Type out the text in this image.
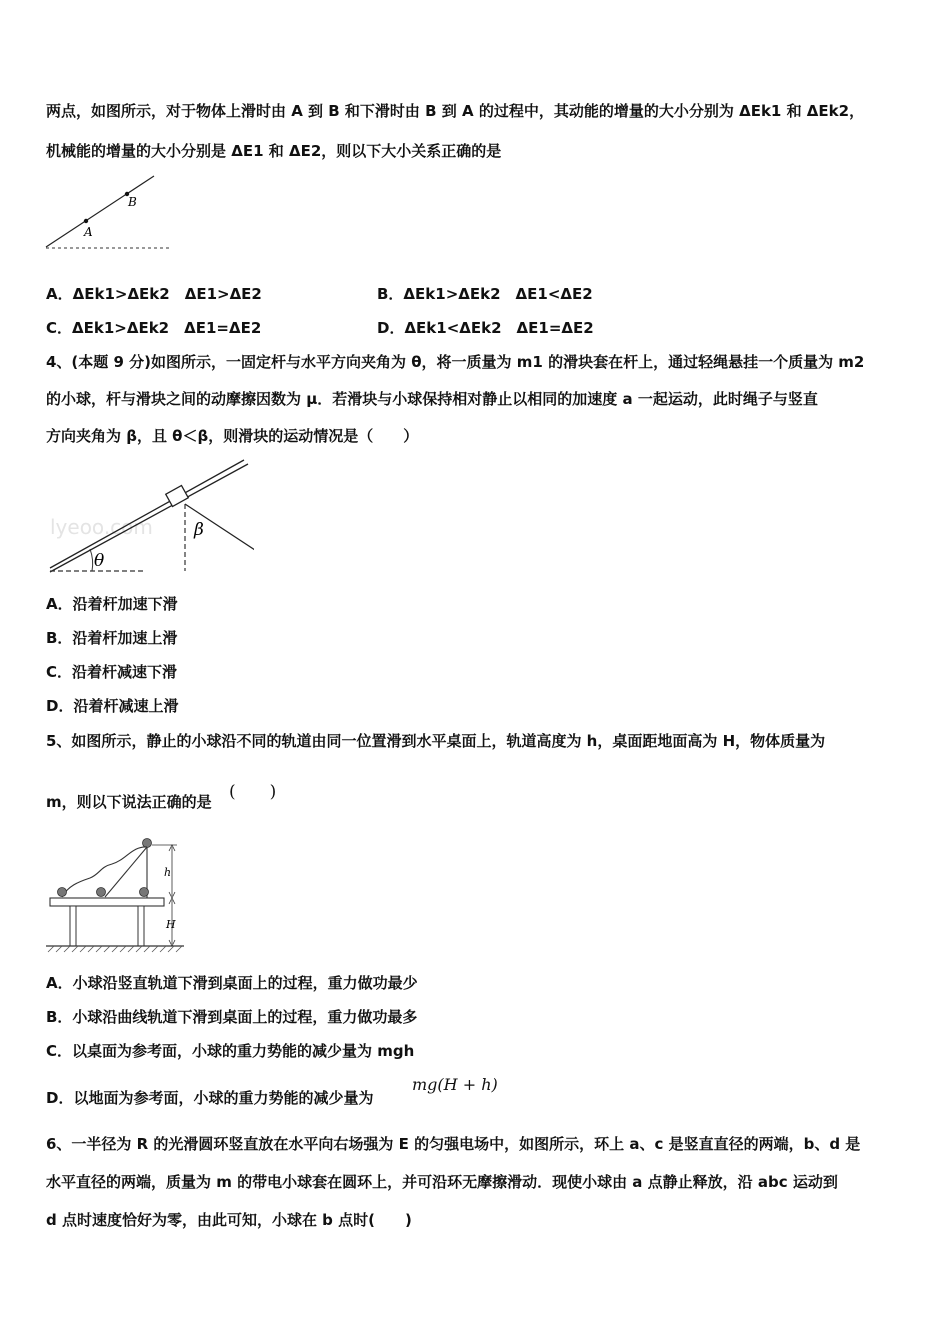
两点，如图所示，对于物体上滑时由 A 到 B 和下滑时由 B 到 A 的过程中，其动能的增量的大小分别为 ΔEk1 和 ΔEk2，
机械能的增量的大小分别是 ΔE1 和 ΔE2，则以下大小关系正确的是
A
B
A．ΔEk1>ΔEk2　ΔE1>ΔE2	B．ΔEk1>ΔEk2　ΔE1<ΔE2
C．ΔEk1>ΔEk2　ΔE1=ΔE2	D．ΔEk1<ΔEk2　ΔE1=ΔE2
4、(本题 9 分)如图所示，一固定杆与水平方向夹角为 θ，将一质量为 m1 的滑块套在杆上，通过轻绳悬挂一个质量为 m2
的小球，杆与滑块之间的动摩擦因数为 μ．若滑块与小球保持相对静止以相同的加速度 a 一起运动，此时绳子与竖直
方向夹角为 β，且 θ＜β，则滑块的运动情况是（　　）
lyeoo.com
θ
β
A．沿着杆加速下滑
B．沿着杆加速上滑
C．沿着杆减速下滑
D．沿着杆减速上滑
5、如图所示，静止的小球沿不同的轨道由同一位置滑到水平桌面上，轨道高度为 h，桌面距地面高为 H，物体质量为
m，则以下说法正确的是 (　　)
h
H
A．小球沿竖直轨道下滑到桌面上的过程，重力做功最少
B．小球沿曲线轨道下滑到桌面上的过程，重力做功最多
C．以桌面为参考面，小球的重力势能的减少量为 mgh
D．以地面为参考面，小球的重力势能的减少量为
mg(H + h)
6、一半径为 R 的光滑圆环竖直放在水平向右场强为 E 的匀强电场中，如图所示，环上 a、c 是竖直直径的两端，b、d 是
水平直径的两端，质量为 m 的带电小球套在圆环上，并可沿环无摩擦滑动．现使小球由 a 点静止释放，沿 abc 运动到
d 点时速度恰好为零，由此可知，小球在 b 点时(　　)
